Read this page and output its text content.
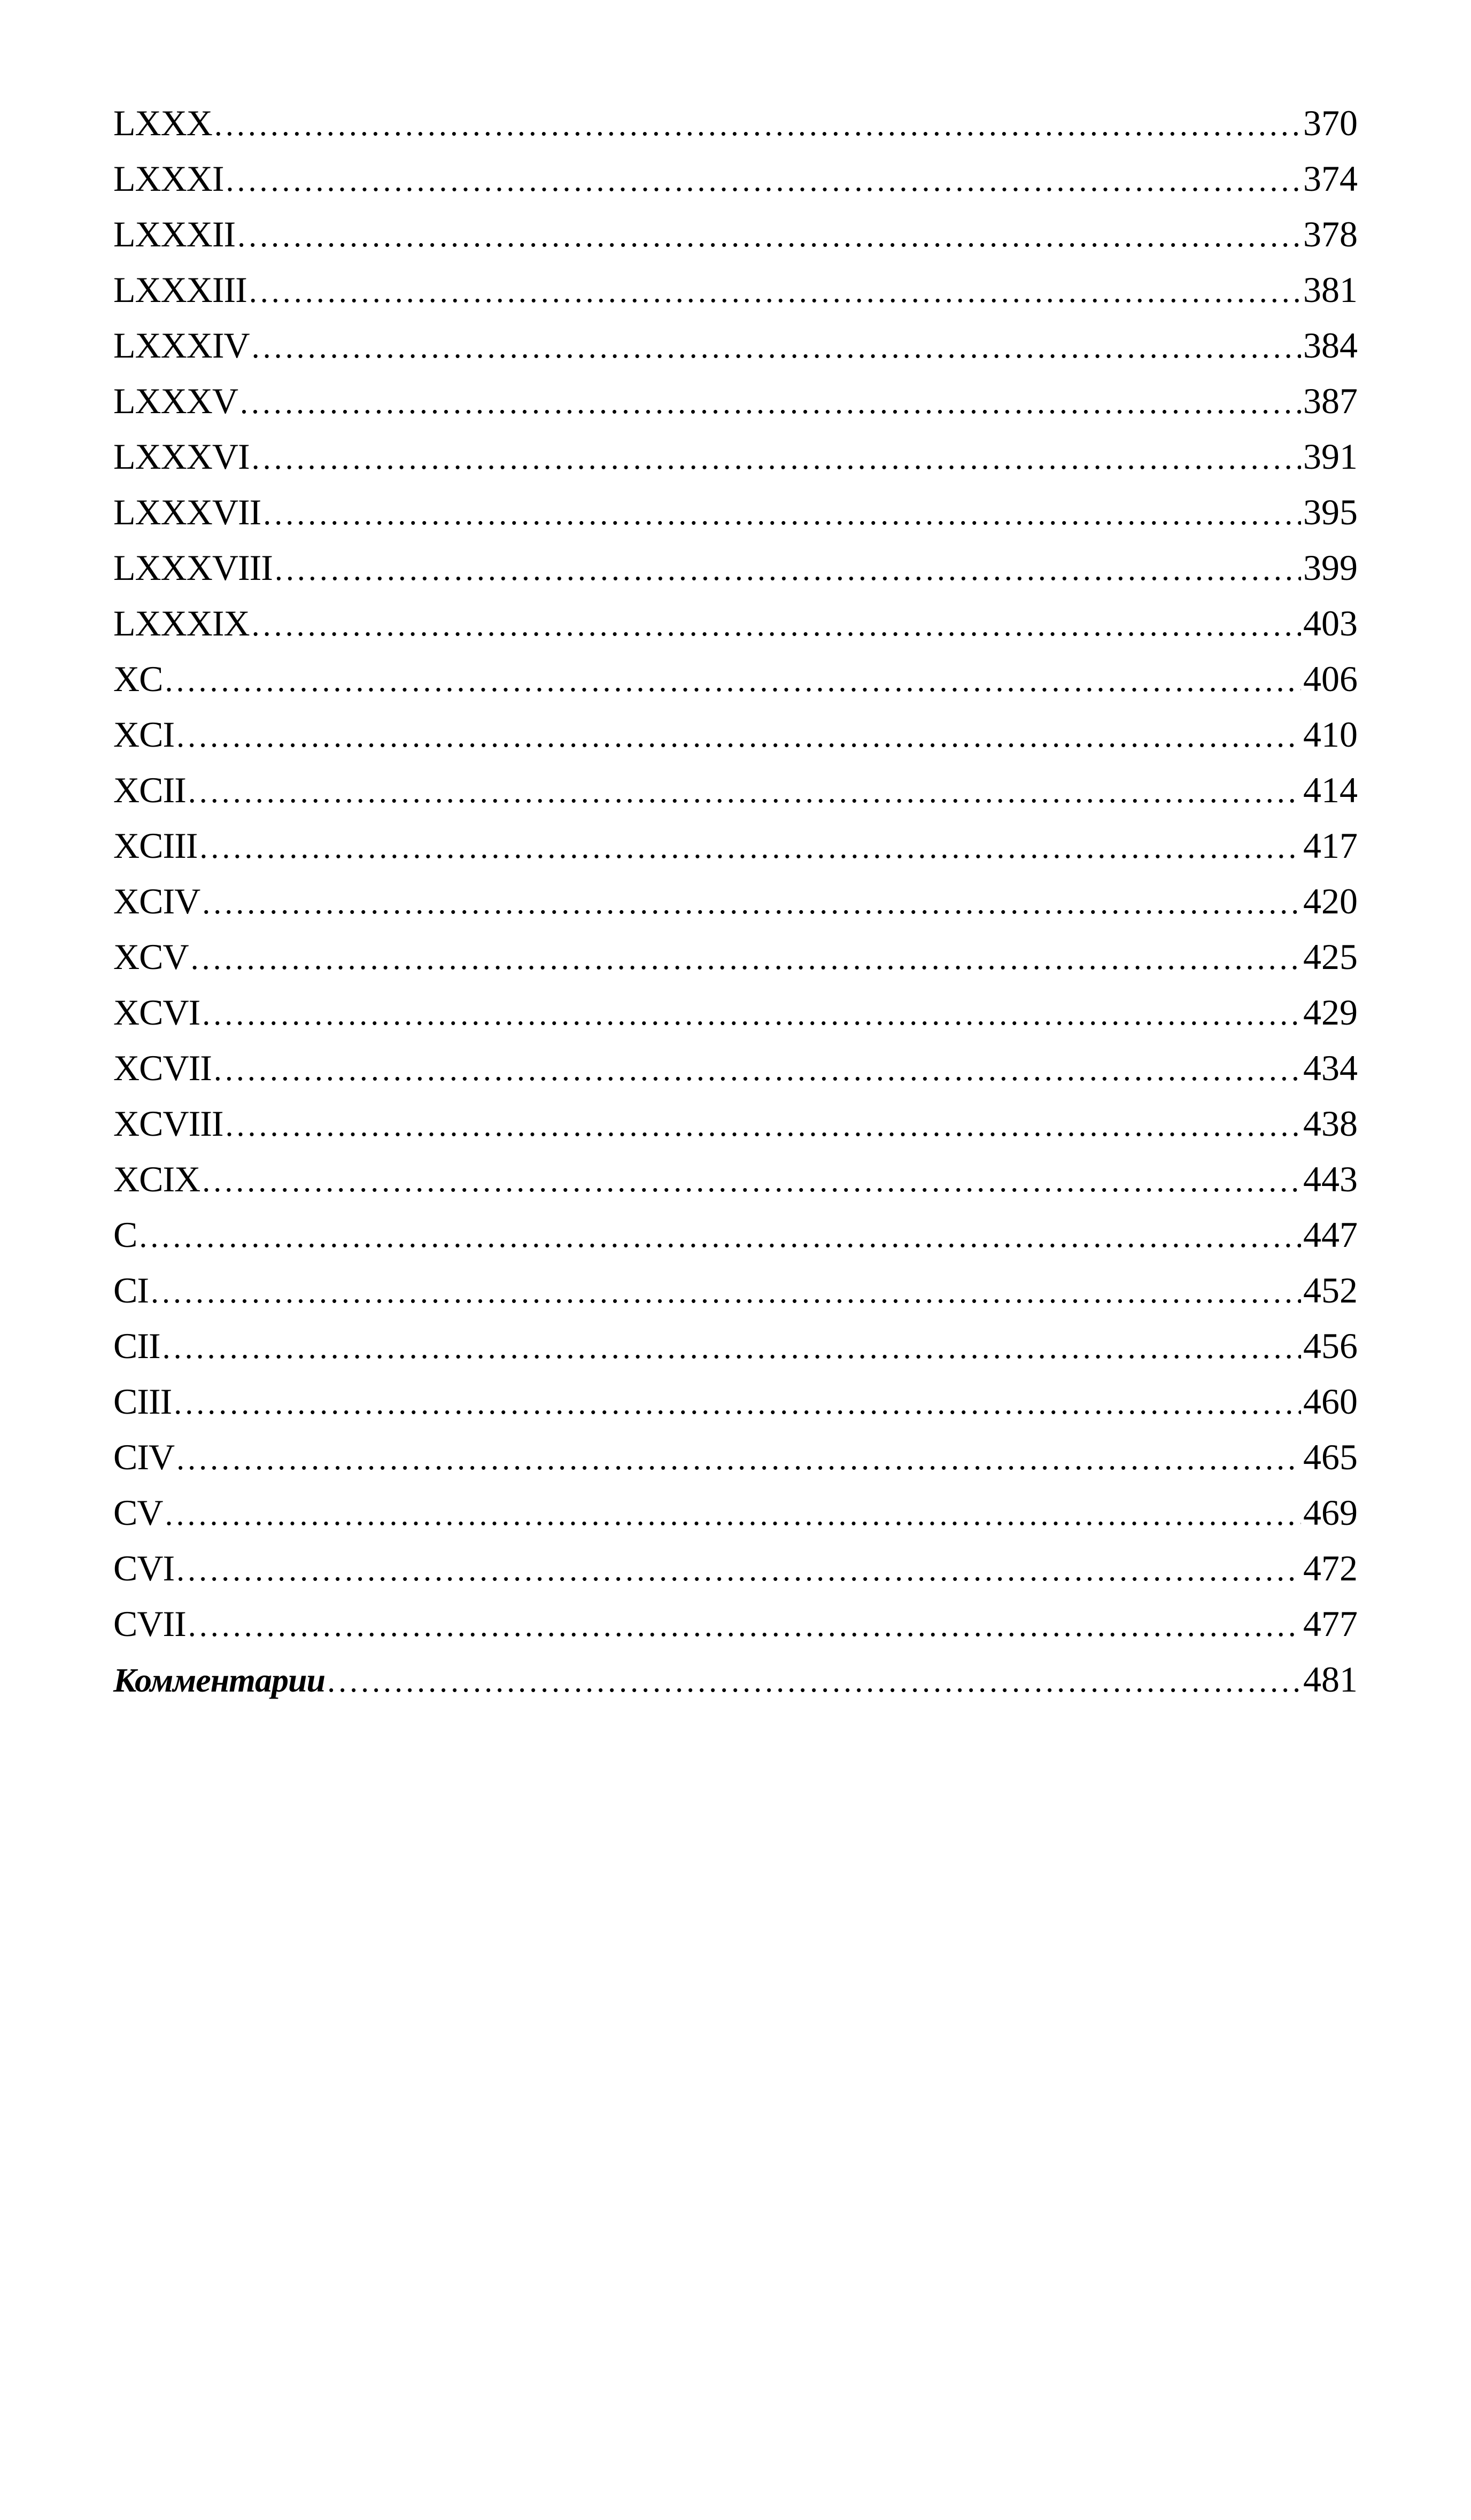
LXXX .....	370
LXXXI .....	374
LXXXII .....	378
LXXXIII .....	381
LXXXIV .....	384
LXXXV .....	387
LXXXVI .....	391
LXXXVII .....	395
LXXXVIII .....	399
LXXXIX .....	403
XC .....	406
XCI .....	410
XCII .....	414
XCIII .....	417
XCIV .....	420
XCV .....	425
XCVI .....	429
XCVII .....	434
XCVIII .....	438
XCIX .....	443
C .....	447
CI .....	452
CII .....	456
CIII .....	460
CIV .....	465
CV .....	469
CVI .....	472
CVII .....	477
Комментарии .....	481
